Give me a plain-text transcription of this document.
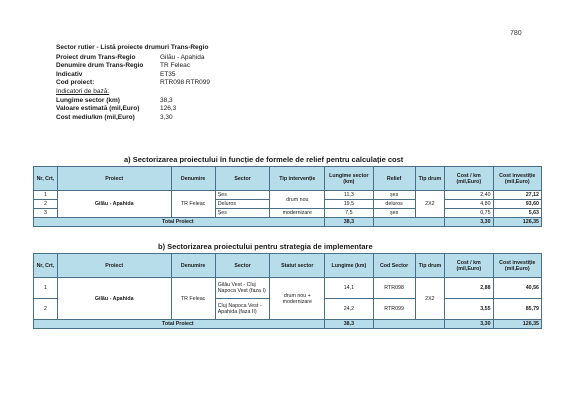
780
Sector rutier - Listă proiecte drumuri Trans-Regio
Proiect drum Trans-Regio	Gilău - Apahida
Denumire drum Trans-Regio	TR Feleac
Indicativ	ET35
Cod proiect:	RTR098 RTR099
Indicatori de bază:
Lungime sector (km)	38,3
Valoare estimată (mil,Euro)	126,3
Cost mediu/km (mil,Euro)	3,30
a) Sectorizarea proiectului în funcție de formele de relief pentru calculație cost
Nr, Crt,	Proiect	Denumire	Sector	Tip intervenție	Lungime sector (km)	Relief	Tip drum	Cost / km (mil,Euro)	Cost investiție (mil,Euro)
1	Gilău - Apahida	TR Feleac	Șes	drum nou	11,3	șes	2X2	2,40	27,12
2			Deluros		19,5	deluros		4,80	93,60
3			Șes	modernizare	7,5	șes		0,75	5,63
Total Proiect					38,3			3,30	126,35
b) Sectorizarea proiectului pentru strategia de implementare
Nr, Crt,	Proiect	Denumire	Sector	Statut sector	Lungime (km)	Cod Sector	Tip drum	Cost / km (mil,Euro)	Cost investiție (mil,Euro)
1	Gilău - Apahida	TR Feleac	Gilău Vest - Cluj Napoca Vest (faza I)	drum nou + modernizare	14,1	RTR098	2X2	2,88	40,56
2			Cluj Napoca Vest - Apahida (faza II)		24,2	RTR099		3,55	85,79
Total Proiect					38,3			3,30	126,35
